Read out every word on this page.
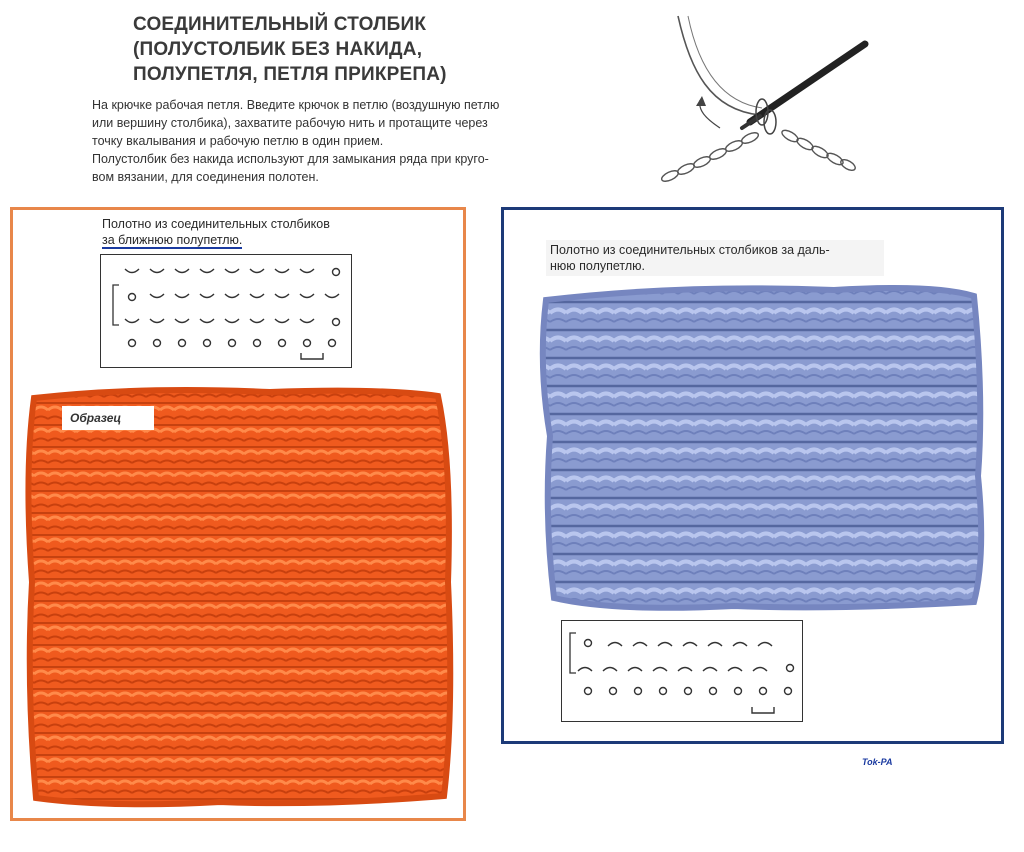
СОЕДИНИТЕЛЬНЫЙ СТОЛБИК
(ПОЛУСТОЛБИК БЕЗ НАКИДА,
ПОЛУПЕТЛЯ, ПЕТЛЯ ПРИКРЕПА)

На крючке рабочая петля. Введите крючок в петлю (воздушную петлю

или вершину столбика), захватите рабочую нить и протащите через

точку вкалывания и рабочую петлю в один прием.

Полустолбик без накида используют для замыкания ряда при круго-

вом вязании, для соединения полотен.

Полотно из соединительных столбиков
за ближнюю полупетлю.
Образец
Полотно из соединительных столбиков за даль-
нюю полупетлю.
Tok-PA
